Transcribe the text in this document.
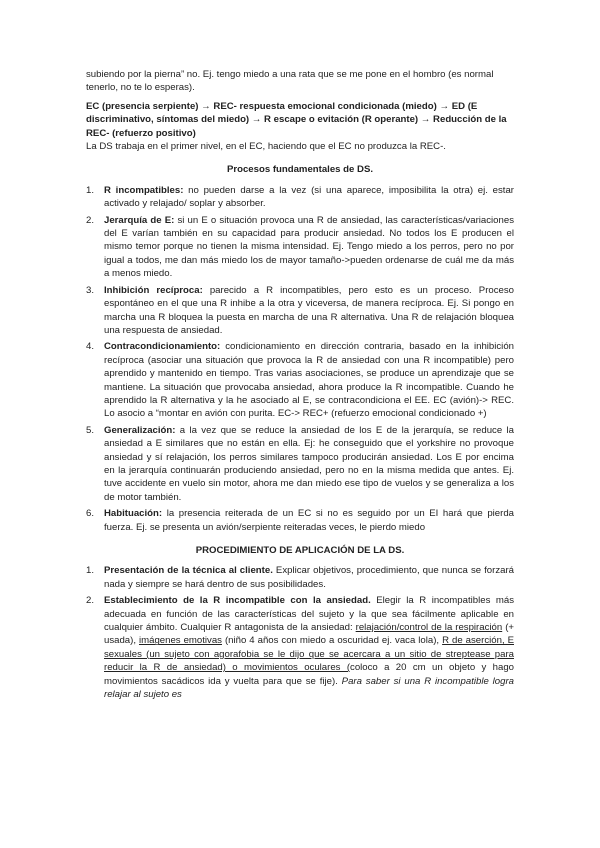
subiendo por la pierna” no. Ej. tengo miedo a una rata que se me pone en el hombro (es normal tenerlo, no te lo esperas).

EC (presencia serpiente) → REC- respuesta emocional condicionada (miedo) → ED (E discriminativo, síntomas del miedo) → R escape o evitación (R operante) → Reducción de la REC- (refuerzo positivo)

La DS trabaja en el primer nivel, en el EC, haciendo que el EC no produzca la REC-.

Procesos fundamentales de DS.

1. R incompatibles: no pueden darse a la vez (si una aparece, imposibilita la otra) ej. estar activado y relajado/ soplar y absorber.
2. Jerarquía de E: si un E o situación provoca una R de ansiedad, las características/variaciones del E varían también en su capacidad para producir ansiedad. No todos los E producen el mismo temor porque no tienen la misma intensidad. Ej. Tengo miedo a los perros, pero no por igual a todos, me dan más miedo los de mayor tamaño->pueden ordenarse de cuál me da más a menos miedo.
3. Inhibición recíproca: parecido a R incompatibles, pero esto es un proceso. Proceso espontáneo en el que una R inhibe a la otra y viceversa, de manera recíproca. Ej. Si pongo en marcha una R bloquea la puesta en marcha de una R alternativa. Una R de relajación bloquea una respuesta de ansiedad.
4. Contracondicionamiento: condicionamiento en dirección contraria, basado en la inhibición recíproca (asociar una situación que provoca la R de ansiedad con una R incompatible) pero aprendido y mantenido en tiempo. Tras varias asociaciones, se produce un aprendizaje que se mantiene. La situación que provocaba ansiedad, ahora produce la R incompatible. Cuando he aprendido la R alternativa y la he asociado al E, se contracondiciona el EE. EC (avión)-> REC. Lo asocio a “montar en avión con purita. EC-> REC+ (refuerzo emocional condicionado +)
5. Generalización: a la vez que se reduce la ansiedad de los E de la jerarquía, se reduce la ansiedad a E similares que no están en ella. Ej: he conseguido que el yorkshire no provoque ansiedad y sí relajación, los perros similares tampoco producirán ansiedad. Los E por encima en la jerarquía continuarán produciendo ansiedad, pero no en la misma medida que antes. Ej. tuve accidente en vuelo sin motor, ahora me dan miedo ese tipo de vuelos y se generaliza a los de motor también.
6. Habituación: la presencia reiterada de un EC si no es seguido por un EI hará que pierda fuerza. Ej. se presenta un avión/serpiente reiteradas veces, le pierdo miedo

PROCEDIMIENTO DE APLICACIÓN DE LA DS.

1. Presentación de la técnica al cliente. Explicar objetivos, procedimiento, que nunca se forzará nada y siempre se hará dentro de sus posibilidades.
2. Establecimiento de la R incompatible con la ansiedad. Elegir la R incompatibles más adecuada en función de las características del sujeto y la que sea fácilmente aplicable en cualquier ámbito. Cualquier R antagonista de la ansiedad: relajación/control de la respiración (+ usada), imágenes emotivas (niño 4 años con miedo a oscuridad ej. vaca lola), R de aserción, E sexuales (un sujeto con agorafobia se le dijo que se acercara a un sitio de streptease para reducir la R de ansiedad) o movimientos oculares (coloco a 20 cm un objeto y hago movimientos sacádicos ida y vuelta para que se fije). Para saber si una R incompatible logra relajar al sujeto es
